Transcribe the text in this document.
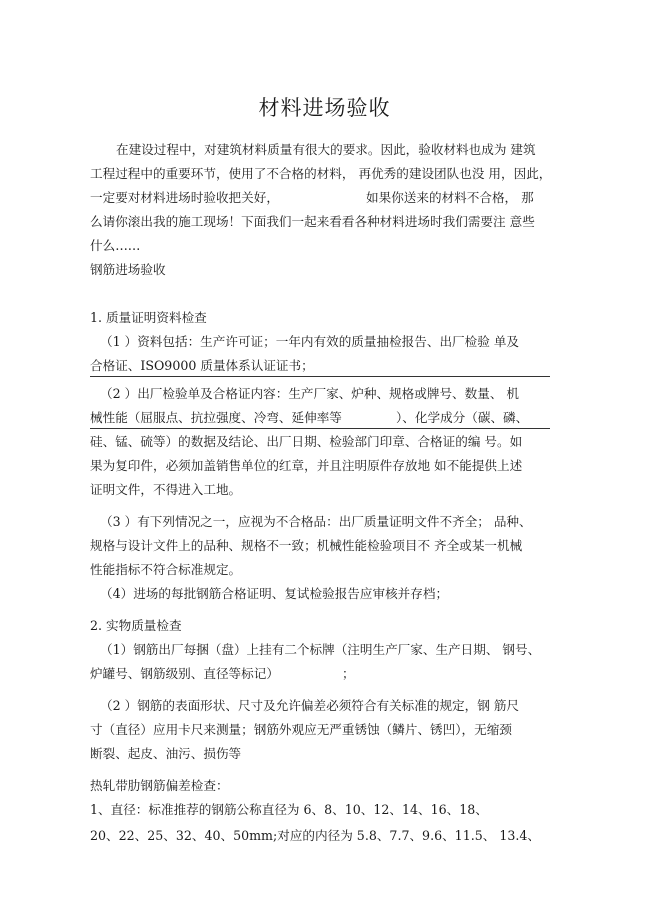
材料进场验收
在建设过程中，对建筑材料质量有很大的要求。因此，验收材料也成为 建筑
工程过程中的重要环节，使用了不合格的材料， 再优秀的建设团队也没 用，因此，
一定要对材料进场时验收把关好，	如果你送来的材料不合格， 那
么请你滚出我的施工现场！下面我们一起来看看各种材料进场时我们需要注 意些
什么……
钢筋进场验收
1. 质量证明资料检查
（1 ）资料包括：生产许可证；一年内有效的质量抽检报告、出厂检验 单及
合格证、ISO9000 质量体系认证证书；
（2 ）出厂检验单及合格证内容：生产厂家、炉种、规格或牌号、数量、 机
械性能（屈服点、抗拉强度、冷弯、延伸率等	）、化学成分（碳、磷、
硅、锰、硫等）的数据及结论、出厂日期、检验部门印章、合格证的编 号。如
果为复印件，必须加盖销售单位的红章，并且注明原件存放地 如不能提供上述
证明文件，不得进入工地。
（3 ）有下列情况之一，应视为不合格品：出厂质量证明文件不齐全； 品种、
规格与设计文件上的品种、规格不一致；机械性能检验项目不 齐全或某一机械
性能指标不符合标准规定。
（4）进场的每批钢筋合格证明、复试检验报告应审核并存档；
2. 实物质量检查
（1）钢筋出厂每捆（盘）上挂有二个标牌（注明生产厂家、生产日期、 钢号、
炉罐号、钢筋级别、直径等标记）	；
（2 ）钢筋的表面形状、尺寸及允许偏差必须符合有关标准的规定，钢 筋尺
寸（直径）应用卡尺来测量；钢筋外观应无严重锈蚀（鳞片、锈凹），无缩颈
断裂、起皮、油污、损伤等
热轧带肋钢筋偏差检查：
1、直径：标准推荐的钢筋公称直径为 6、8、10、12、14、16、18、
20、22、25、32、40、50mm;对应的内径为 5.8、7.7、9.6、11.5、 13.4、
